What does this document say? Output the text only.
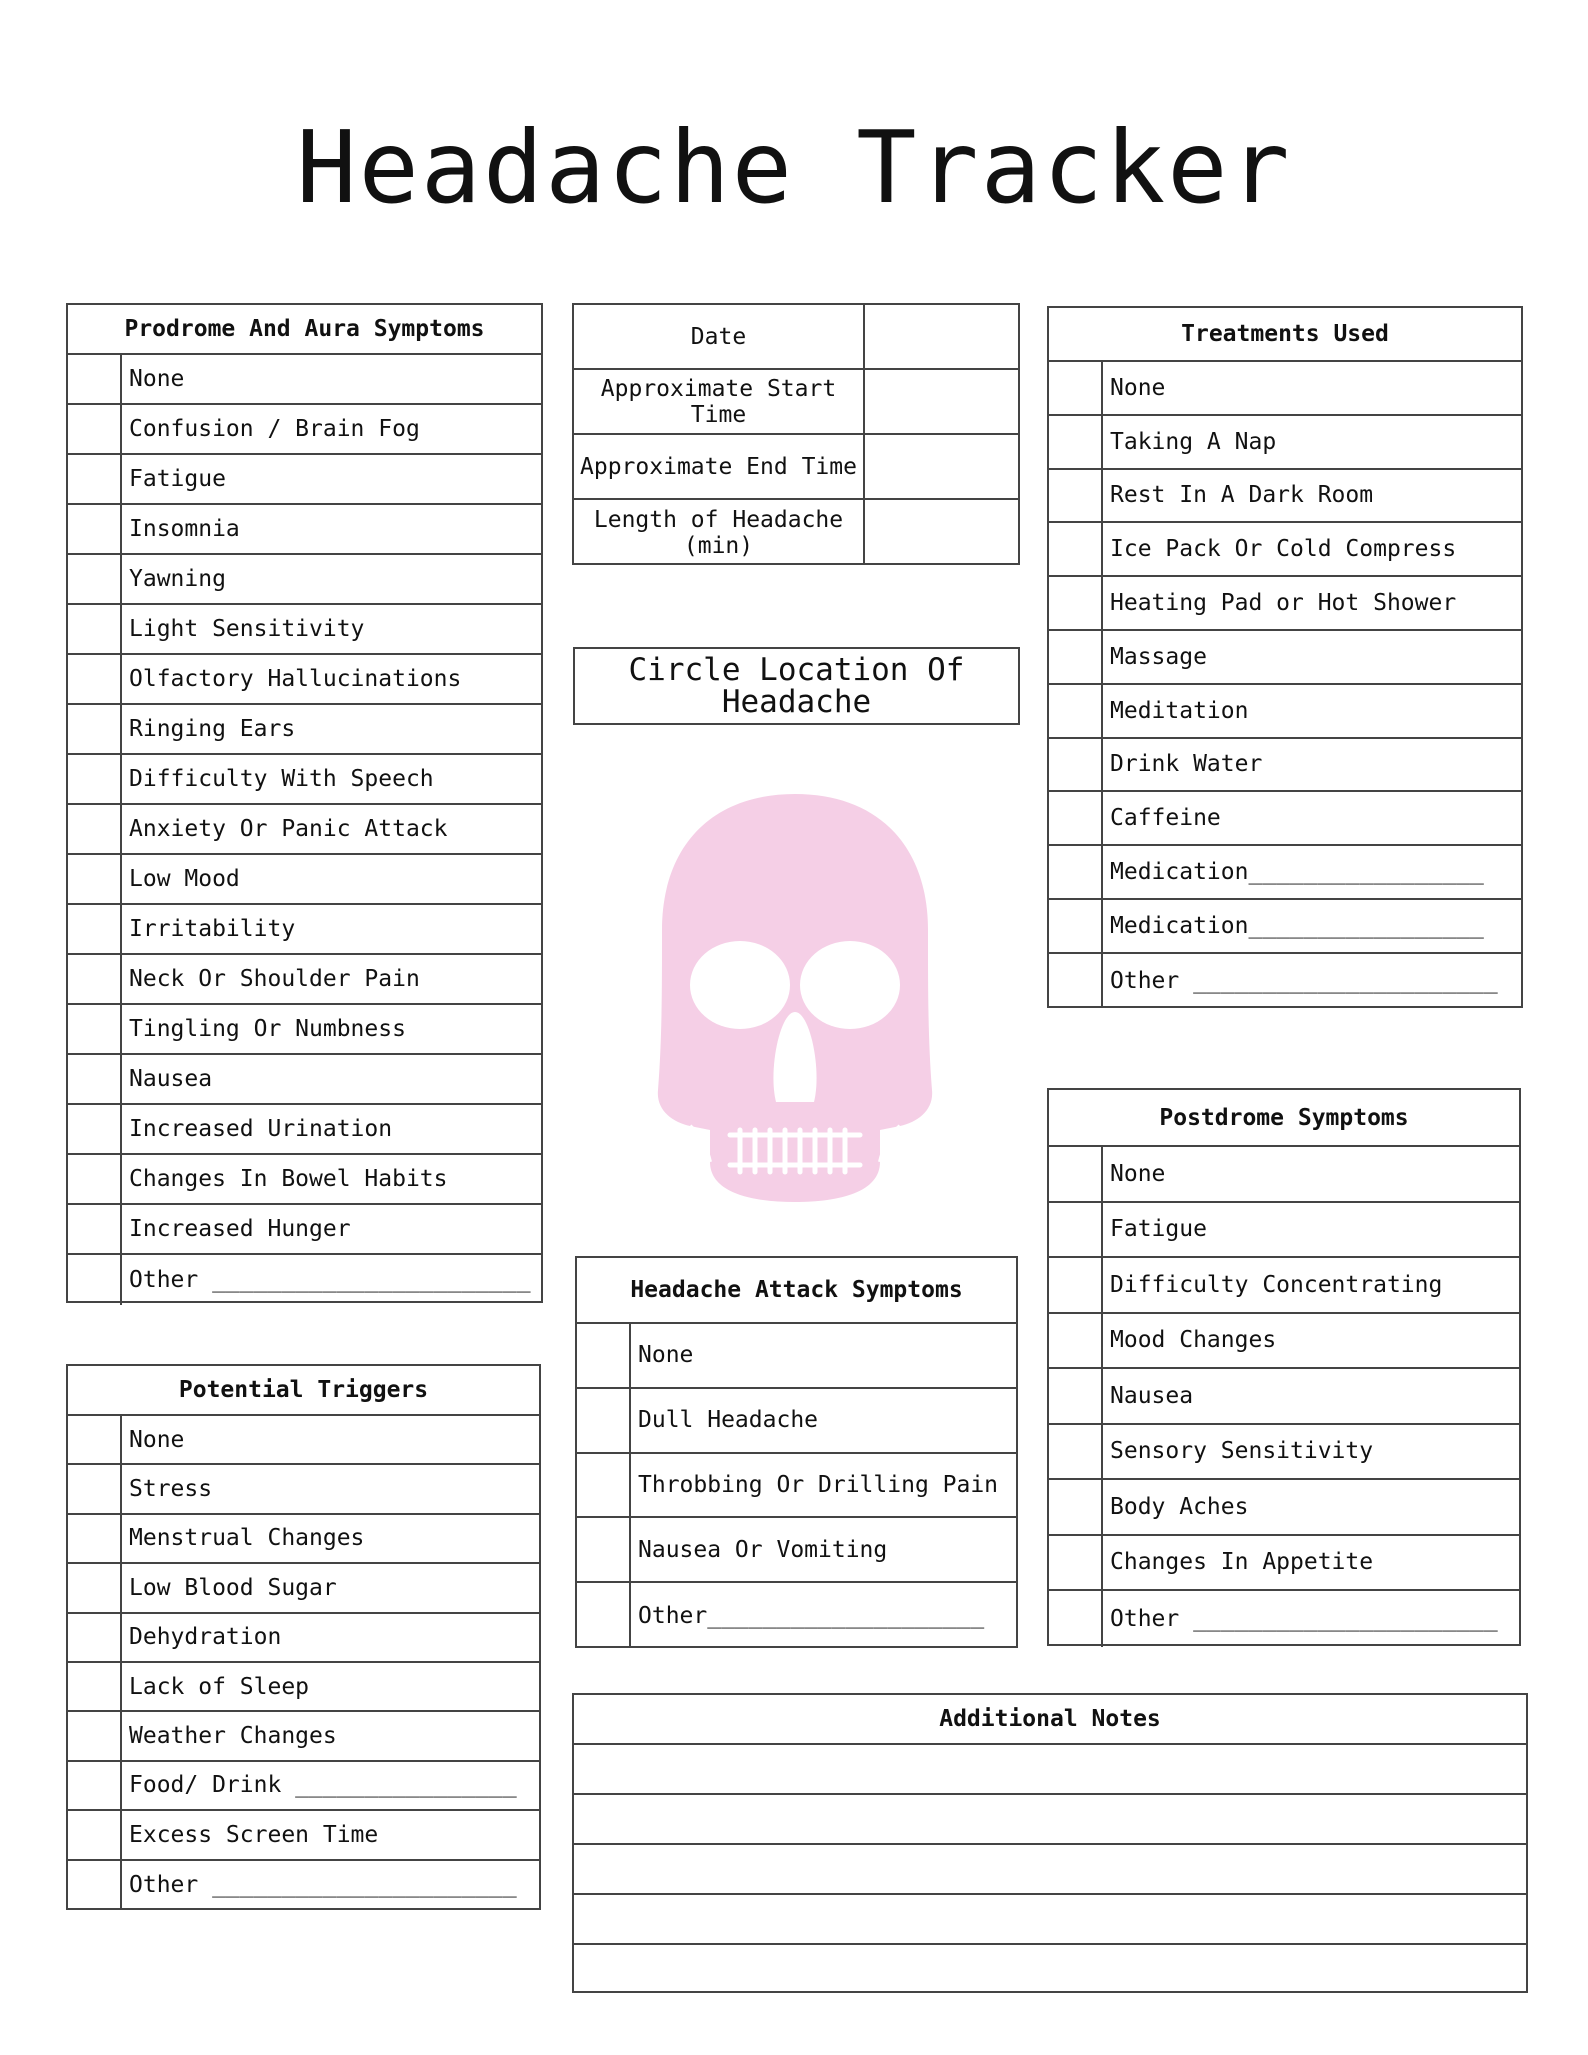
Headache Tracker
Prodrome And Aura Symptoms
None
Confusion / Brain Fog
Fatigue
Insomnia
Yawning
Light Sensitivity
Olfactory Hallucinations
Ringing Ears
Difficulty With Speech
Anxiety Or Panic Attack
Low Mood
Irritability
Neck Or Shoulder Pain
Tingling Or Numbness
Nausea
Increased Urination
Changes In Bowel Habits
Increased Hunger
Other _______________________
Potential Triggers
None
Stress
Menstrual Changes
Low Blood Sugar
Dehydration
Lack of Sleep
Weather Changes
Food/ Drink ________________
Excess Screen Time
Other ______________________
Date
Approximate Start Time
Approximate End Time
Length of Headache (min)
Circle Location Of Headache
Headache Attack Symptoms
None
Dull Headache
Throbbing Or Drilling Pain
Nausea Or Vomiting
Other____________________
Treatments Used
None
Taking A Nap
Rest In A Dark Room
Ice Pack Or Cold Compress
Heating Pad or Hot Shower
Massage
Meditation
Drink Water
Caffeine
Medication_________________
Medication_________________
Other ______________________
Postdrome Symptoms
None
Fatigue
Difficulty Concentrating
Mood Changes
Nausea
Sensory Sensitivity
Body Aches
Changes In Appetite
Other ______________________
Additional Notes
